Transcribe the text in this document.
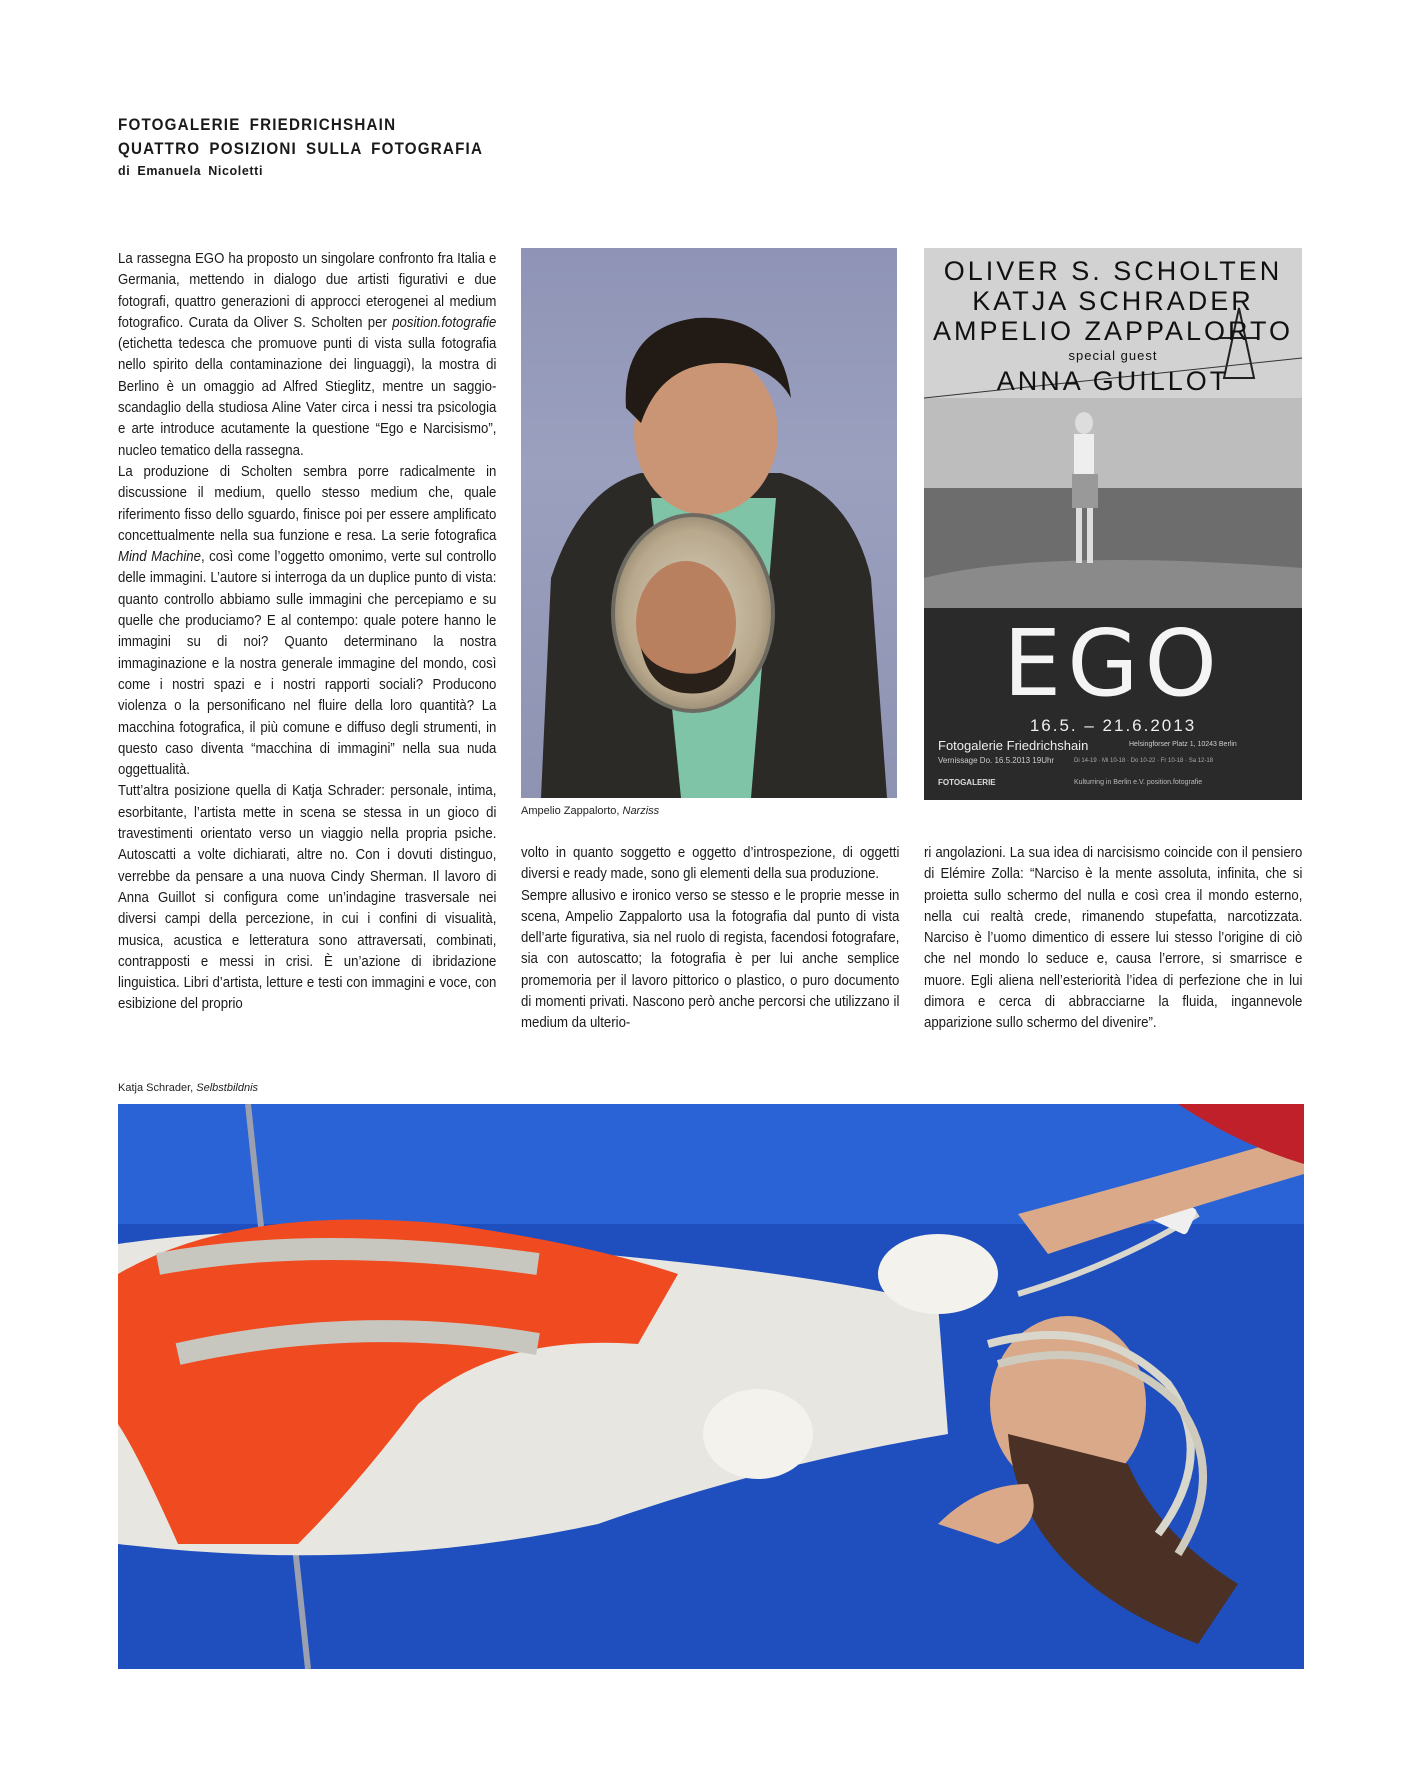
FOTOGALERIE FRIEDRICHSHAIN
QUATTRO POSIZIONI SULLA FOTOGRAFIA
di Emanuela Nicoletti

La rassegna EGO ha proposto un singolare confronto fra Italia e Germania, mettendo in dialogo due artisti figurativi e due fotografi, quattro generazioni di approcci eterogenei al medium fotografico. Curata da Oliver S. Scholten per position.fotografie (etichetta tedesca che promuove punti di vista sulla fotografia nello spirito della contaminazione dei linguaggi), la mostra di Berlino è un omaggio ad Alfred Stieglitz, mentre un saggio-scandaglio della studiosa Aline Vater circa i nessi tra psicologia e arte introduce acutamente la questione “Ego e Narcisismo”, nucleo tematico della rassegna.

La produzione di Scholten sembra porre radicalmente in discussione il medium, quello stesso medium che, quale riferimento fisso dello sguardo, finisce poi per essere amplificato concettualmente nella sua funzione e resa. La serie fotografica Mind Machine, così come l’oggetto omonimo, verte sul controllo delle immagini. L’autore si interroga da un duplice punto di vista: quanto controllo abbiamo sulle immagini che percepiamo e su quelle che produciamo? E al contempo: quale potere hanno le immagini su di noi? Quanto determinano la nostra immaginazione e la nostra generale immagine del mondo, così come i nostri spazi e i nostri rapporti sociali? Producono violenza o la personificano nel fluire della loro quantità? La macchina fotografica, il più comune e diffuso degli strumenti, in questo caso diventa “macchina di immagini” nella sua nuda oggettualità.

Tutt’altra posizione quella di Katja Schrader: personale, intima, esorbitante, l’artista mette in scena se stessa in un gioco di travestimenti orientato verso un viaggio nella propria psiche. Autoscatti a volte dichiarati, altre no. Con i dovuti distinguo, verrebbe da pensare a una nuova Cindy Sherman. Il lavoro di Anna Guillot si configura come un’indagine trasversale nei diversi campi della percezione, in cui i confini di visualità, musica, acustica e letteratura sono attraversati, combinati, contrapposti e messi in crisi. È un’azione di ibridazione linguistica. Libri d’artista, letture e testi con immagini e voce, con esibizione del proprio

Ampelio Zappalorto, Narziss
OLIVER S. SCHOLTEN
KATJA SCHRADER
AMPELIO ZAPPALORTO
special guest
ANNA GUILLOT
EGO
16.5. – 21.6.2013
Fotogalerie Friedrichshain	Helsingforser Platz 1, 10243 Berlin
Vernissage Do. 16.5.2013 19Uhr	Di 14-19 · Mi 10-18 · Do 10-22 · Fr 10-18 · Sa 12-18
FOTOGALERIE	Kulturring in Berlin e.V. position.fotografie

volto in quanto soggetto e oggetto d’introspezione, di oggetti diversi e ready made, sono gli elementi della sua produzione.

Sempre allusivo e ironico verso se stesso e le proprie messe in scena, Ampelio Zappalorto usa la fotografia dal punto di vista dell’arte figurativa, sia nel ruolo di regista, facendosi fotografare, sia con autoscatto; la fotografia è per lui anche semplice promemoria per il lavoro pittorico o plastico, o puro documento di momenti privati. Nascono però anche percorsi che utilizzano il medium da ulterio-

ri angolazioni. La sua idea di narcisismo coincide con il pensiero di Elémire Zolla: “Narciso è la mente assoluta, infinita, che si proietta sullo schermo del nulla e così crea il mondo esterno, nella cui realtà crede, rimanendo stupefatta, narcotizzata. Narciso è l’uomo dimentico di essere lui stesso l’origine di ciò che nel mondo lo seduce e, causa l’errore, si smarrisce e muore. Egli aliena nell’esteriorità l’idea di perfezione che in lui dimora e cerca di abbracciarne la fluida, ingannevole apparizione sullo schermo del divenire”.

Katja Schrader, Selbstbildnis
